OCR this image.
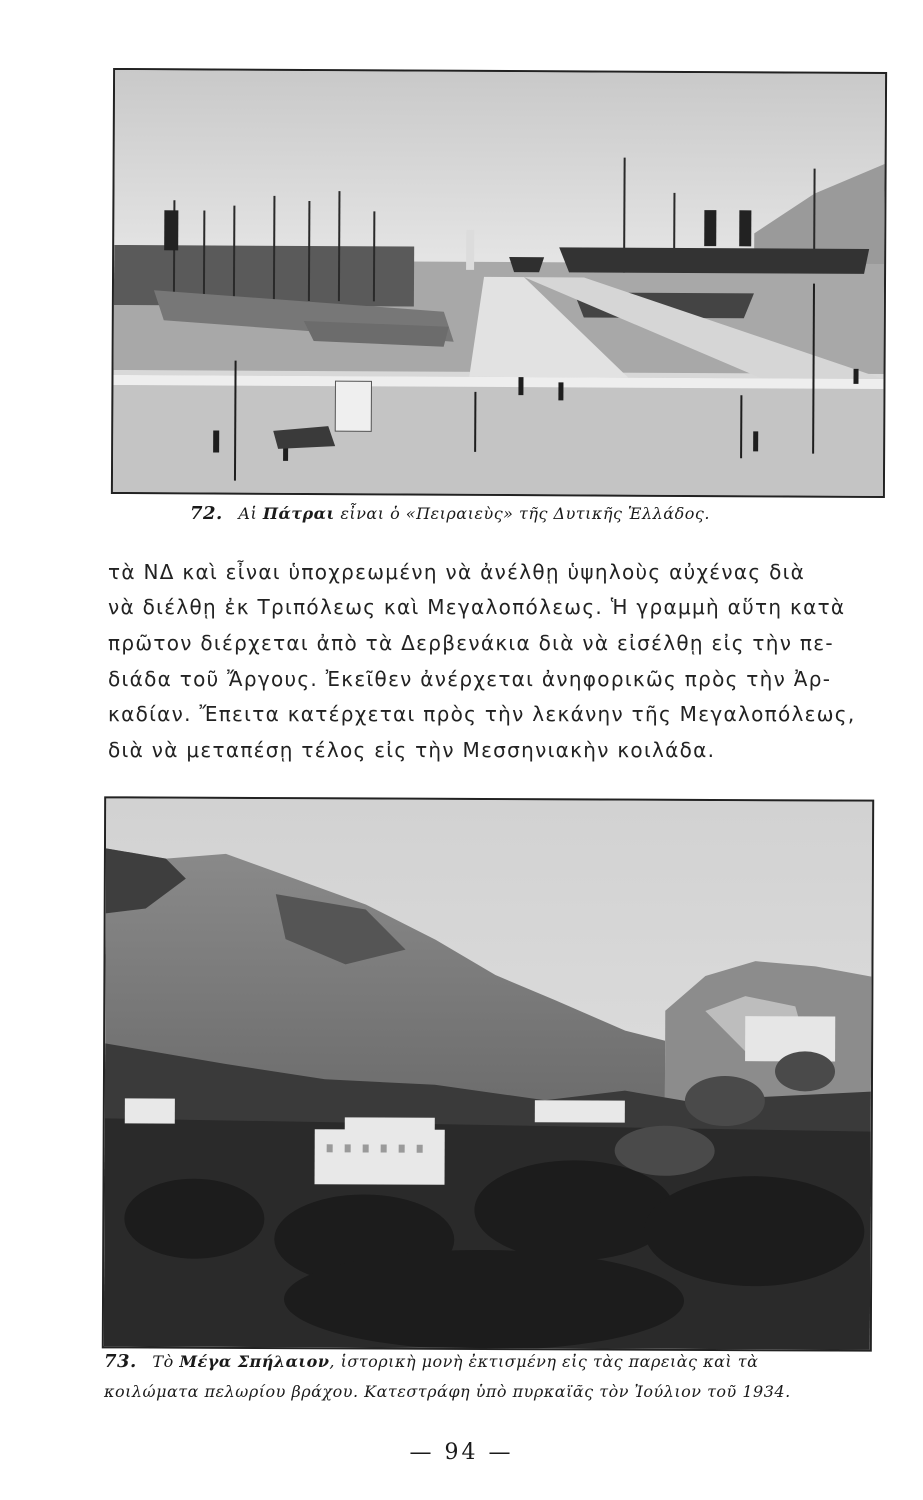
72. Αἱ Πάτραι εἶναι ὁ «Πειραιεὺς» τῆς Δυτικῆς Ἑλλάδος.
τὰ ΝΔ καὶ εἶναι ὑποχρεωμένη νὰ ἀνέλθῃ ὑψηλοὺς αὐχένας διὰ
νὰ διέλθῃ ἐκ Τριπόλεως καὶ Μεγαλοπόλεως. Ἡ γραμμὴ αὕτη κατὰ
πρῶτον διέρχεται ἀπὸ τὰ Δερβενάκια διὰ νὰ εἰσέλθῃ εἰς τὴν πε-
διάδα τοῦ Ἄργους. Ἐκεῖθεν ἀνέρχεται ἀνηφορικῶς πρὸς τὴν Ἀρ-
καδίαν. Ἔπειτα κατέρχεται πρὸς τὴν λεκάνην τῆς Μεγαλοπόλεως,
διὰ νὰ μεταπέσῃ τέλος εἰς τὴν Μεσσηνιακὴν κοιλάδα.
73. Τὸ Μέγα Σπήλαιον, ἱστορικὴ μονὴ ἐκτισμένη εἰς τὰς παρειὰς καὶ τὰ
κοιλώματα πελωρίου βράχου. Κατεστράφη ὑπὸ πυρκαϊᾶς τὸν Ἰούλιον τοῦ 1934.
— 94 —
